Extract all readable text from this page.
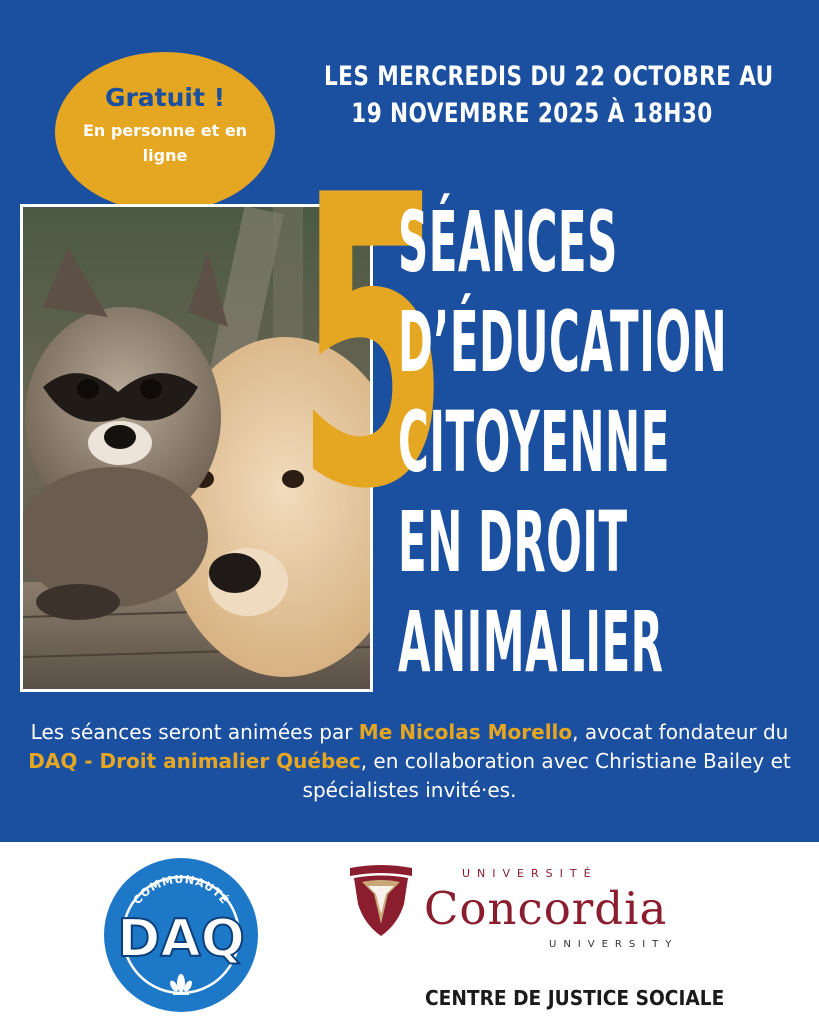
Gratuit !
En personne et en ligne
LES MERCREDIS DU 22 OCTOBRE AU
19 NOVEMBRE 2025 À 18H30
5
SÉANCES
D’ÉDUCATION
CITOYENNE
EN DROIT
ANIMALIER
Les séances seront animées par Me Nicolas Morello, avocat fondateur du DAQ - Droit animalier Québec, en collaboration avec Christiane Bailey et spécialistes invité·es.
COMMUNAUTÉ
DAQ
UNIVERSITÉ
Concordia
UNIVERSITY
CENTRE DE JUSTICE SOCIALE
